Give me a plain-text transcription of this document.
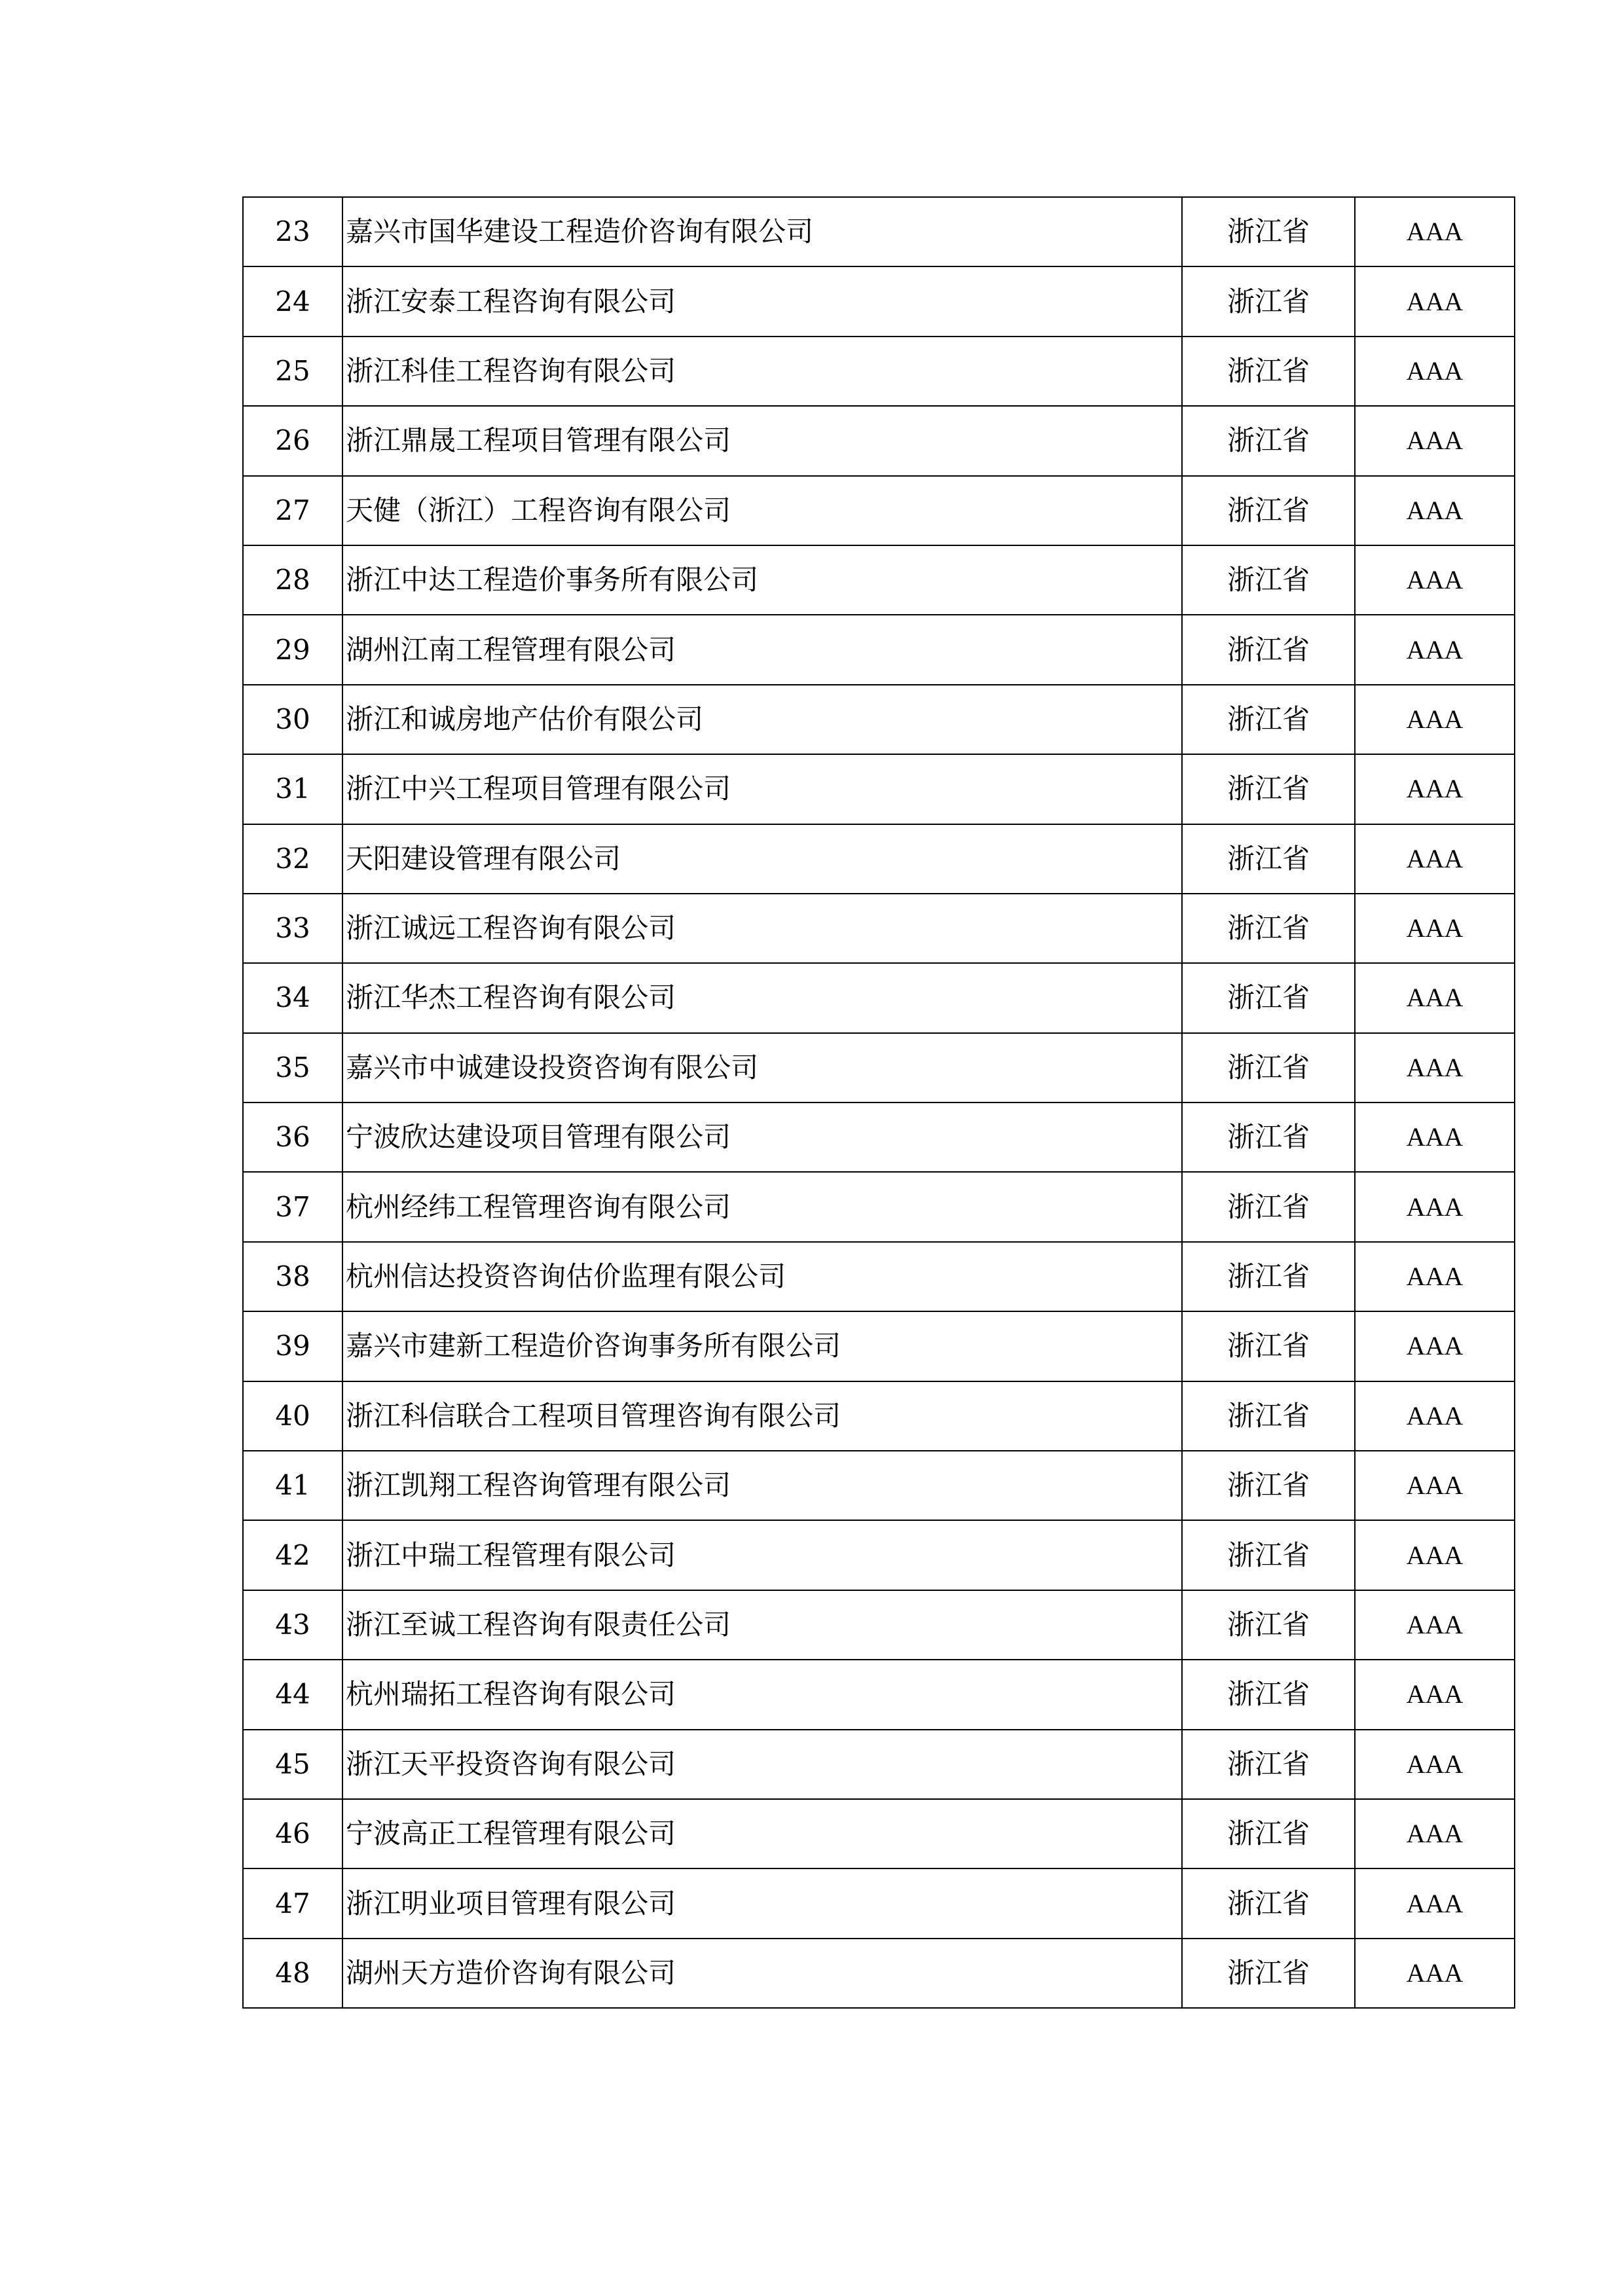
23	嘉兴市国华建设工程造价咨询有限公司	浙江省	AAA
24	浙江安泰工程咨询有限公司	浙江省	AAA
25	浙江科佳工程咨询有限公司	浙江省	AAA
26	浙江鼎晟工程项目管理有限公司	浙江省	AAA
27	天健（浙江）工程咨询有限公司	浙江省	AAA
28	浙江中达工程造价事务所有限公司	浙江省	AAA
29	湖州江南工程管理有限公司	浙江省	AAA
30	浙江和诚房地产估价有限公司	浙江省	AAA
31	浙江中兴工程项目管理有限公司	浙江省	AAA
32	天阳建设管理有限公司	浙江省	AAA
33	浙江诚远工程咨询有限公司	浙江省	AAA
34	浙江华杰工程咨询有限公司	浙江省	AAA
35	嘉兴市中诚建设投资咨询有限公司	浙江省	AAA
36	宁波欣达建设项目管理有限公司	浙江省	AAA
37	杭州经纬工程管理咨询有限公司	浙江省	AAA
38	杭州信达投资咨询估价监理有限公司	浙江省	AAA
39	嘉兴市建新工程造价咨询事务所有限公司	浙江省	AAA
40	浙江科信联合工程项目管理咨询有限公司	浙江省	AAA
41	浙江凯翔工程咨询管理有限公司	浙江省	AAA
42	浙江中瑞工程管理有限公司	浙江省	AAA
43	浙江至诚工程咨询有限责任公司	浙江省	AAA
44	杭州瑞拓工程咨询有限公司	浙江省	AAA
45	浙江天平投资咨询有限公司	浙江省	AAA
46	宁波高正工程管理有限公司	浙江省	AAA
47	浙江明业项目管理有限公司	浙江省	AAA
48	湖州天方造价咨询有限公司	浙江省	AAA
